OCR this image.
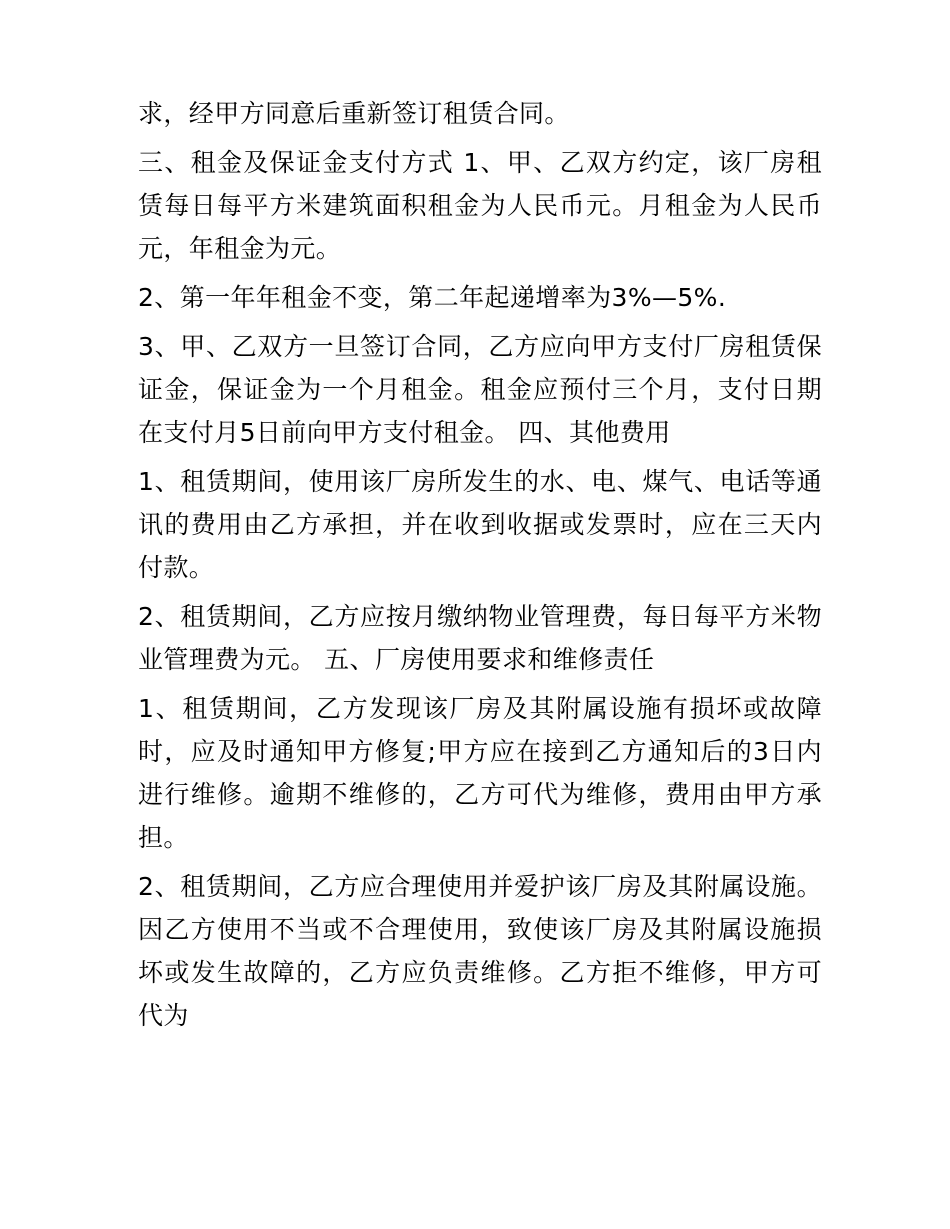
求，经甲方同意后重新签订租赁合同。

三、租金及保证金支付方式 1、甲、乙双方约定，该厂房租赁每日每平方米建筑面积租金为人民币元。月租金为人民币元，年租金为元。

2、第一年年租金不变，第二年起递增率为3%—5%.

3、甲、乙双方一旦签订合同，乙方应向甲方支付厂房租赁保证金，保证金为一个月租金。租金应预付三个月，支付日期在支付月5日前向甲方支付租金。 四、其他费用

1、租赁期间，使用该厂房所发生的水、电、煤气、电话等通讯的费用由乙方承担，并在收到收据或发票时，应在三天内付款。

2、租赁期间，乙方应按月缴纳物业管理费，每日每平方米物业管理费为元。 五、厂房使用要求和维修责任

1、租赁期间，乙方发现该厂房及其附属设施有损坏或故障时，应及时通知甲方修复;甲方应在接到乙方通知后的3日内进行维修。逾期不维修的，乙方可代为维修，费用由甲方承担。

2、租赁期间，乙方应合理使用并爱护该厂房及其附属设施。因乙方使用不当或不合理使用，致使该厂房及其附属设施损坏或发生故障的，乙方应负责维修。乙方拒不维修，甲方可代为
